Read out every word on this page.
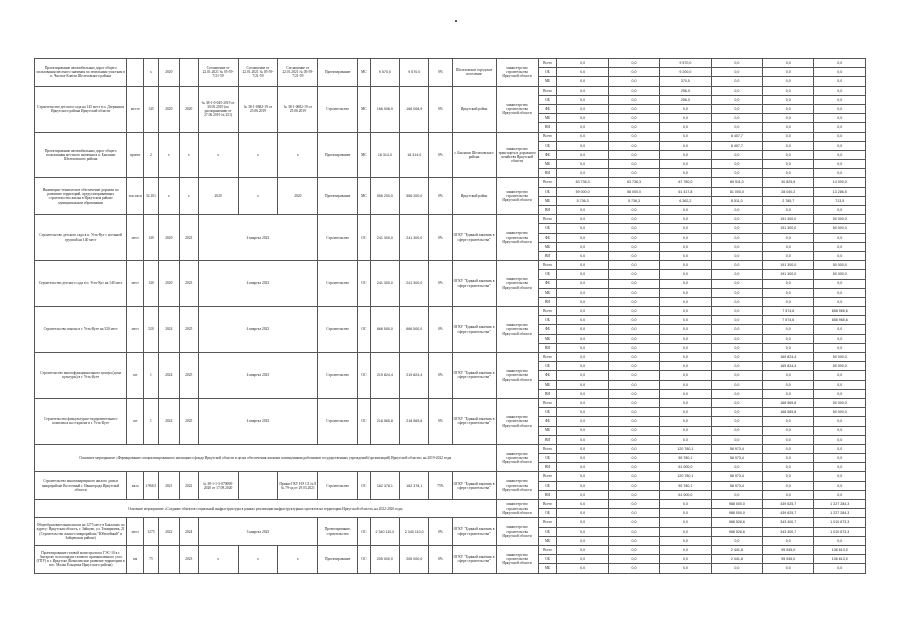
Проектирование автомобильных дорог общего пользования местного значения по земельным участкам в п. Чистые Ключи Шелеховского района		х	2020		Соглашение от 22.01.2021 № 05-59-7/21-59	Соглашение от 22.01.2021 № 05-59-7/21-59	Соглашение от 22.01.2021 № 05-59-7/21-59	Проектирование	МС	9 570,0	9 570,0	0%	Шелеховское городское поселение	министерство строительства Иркутской области	Всего	0,0	0,0	9 570,0	0,0	0,0	0,0
															ОБ	0,0	0,0	9 200,0	0,0	0,0	0,0
															МБ	0,0	0,0	370,0	0,0	0,0	0,0
Строительство детского сада на 145 мест в п. Дзержинск Иркутского района Иркутской области	место	145	2020	2020	№ 38-1-0-045-2019 от 30.05.2019 (по распоряжению от 27.06.2019 № 251)	№ 38-1-0682-19 от 25.06.2019	№ 38-1-0682-19 от 25.06.2019	Строительство	МС	166 008,9	166 008,9	0%	Иркутский район	министерство строительства Иркутской области	Всего	0,0	0,0	256,0	0,0	0,0	0,0
															ОБ	0,0	0,0	256,0	0,0	0,0	0,0
															ФБ	0,0	0,0	0,0	0,0	0,0	0,0
															МБ	0,0	0,0	0,0	0,0	0,0	0,0
															ВИ	0,0	0,0	0,0	0,0	0,0	0,0
Проектирование автомобильных дорог общего пользования местного значения в п. Баклаши Шелеховского района	проект	2	х	х	х	х	х	Проектирование	МС	18 314,0	18 314,0	0%	г. Баклаши Шелеховского района	министерство транспорта и дорожного хозяйства Иркутской области	Всего	0,0	0,0	0,0	8 407,7	0,0	0,0
															ОБ	0,0	0,0	0,0	8 407,7	0,0	0,0
															ФБ	0,0	0,0	0,0	0,0	0,0	0,0
															МБ	0,0	0,0	0,0	0,0	0,0	0,0
															ВИ	0,0	0,0	0,0	0,0	0,0	0,0
Инженерно-техническое обеспечение дорожек по развитию территорий, предусматривающих строительство жилья в Иркутском районе муниципальном образовании	тыс.кв.м	32,101	х	х	2020	х	2020	Проектирование	МС	556 200,0	556 200,0	0%	Иркутский район	министерство строительства Иркутской области	Всего	63 736,3	63 736,3	67 780,0	89 511,0	30 825,8	14 000,0
															ОБ	59 000,0	58 000,0	61 417,8	81 000,0	28 040,2	13 286,5
															МБ	5 736,3	5 736,3	6 362,2	8 511,0	2 785,7	713,5
															ВИ	0,0	0,0	0,0	0,0	0,0	0,0
Строительство детского сада в п. Усть-Кут с ясельной группой на 140 мест	мест	140	2020	2023	4 квартал 2023			Строительство	ОС	241 300,0	241 300,0	0%	ОГКУ "Единый заказчик в сфере строительства"	министерство строительства Иркутской области	Всего	0,0	0,0	0,0	0,0	191 300,0	50 000,0
															ОБ	0,0	0,0	0,0	0,0	191 300,0	50 000,0
															ФБ	0,0	0,0	0,0	0,0	0,0	0,0
															МБ	0,0	0,0	0,0	0,0	0,0	0,0
															ВИ	0,0	0,0	0,0	0,0	0,0	0,0
Строительство детского сада в п. Усть-Кут на 140 мест	мест	140	2020	2023	4 квартал 2023			Строительство	ОС	241 300,0	241 300,0	0%	ОГКУ "Единый заказчик в сфере строительства"	министерство строительства Иркутской области	Всего	0,0	0,0	0,0	0,0	191 300,0	50 000,0
															ОБ	0,0	0,0	0,0	0,0	191 300,0	50 000,0
															ФБ	0,0	0,0	0,0	0,0	0,0	0,0
															МБ	0,0	0,0	0,0	0,0	0,0	0,0
															ВИ	0,0	0,0	0,0	0,0	0,0	0,0
Строительство школы в г. Усть-Куте на 520 мест	мест	520	2024	2025	4 квартал 2023			Строительство	ОС	666 500,0	666 500,0	0%	ОГКУ "Единый заказчик в сфере строительства"	министерство строительства Иркутской области	Всего	0,0	0,0	0,0	0,0	7 574,6	658 965,6
															ОБ	0,0	0,0	0,0	0,0	7 574,6	658 965,6
															ФБ	0,0	0,0	0,0	0,0	0,0	0,0
															МБ	0,0	0,0	0,0	0,0	0,0	0,0
															ВИ	0,0	0,0	0,0	0,0	0,0	0,0
Строительство многофункционального центра (дома культуры) в г. Усть-Куте	шт	1	2024	2025	4 квартал 2023			Строительство	ОС	219 824,4	219 824,4	0%	ОГКУ "Единый заказчик в сфере строительства"	министерство строительства Иркутской области	Всего	0,0	0,0	0,0	0,0	169 824,4	50 000,0
															ОБ	0,0	0,0	0,0	0,0	169 824,4	50 000,0
															ФБ	0,0	0,0	0,0	0,0	0,0	0,0
															МБ	0,0	0,0	0,0	0,0	0,0	0,0
															ВИ	0,0	0,0	0,0	0,0	0,0	0,0
Строительство физкультурно-оздоровительного комплекса на стадионе в г. Усть-Куте	шт	1	2024	2025	4 квартал 2023			Строительство	ОС	218 565,8	218 565,8	0%	ОГКУ "Единый заказчик в сфере строительства"	министерство строительства Иркутской области	Всего	0,0	0,0	0,0	0,0	168 565,8	50 000,0
															ОБ	0,0	0,0	0,0	0,0	168 565,8	50 000,0
															ФБ	0,0	0,0	0,0	0,0	0,0	0,0
															МБ	0,0	0,0	0,0	0,0	0,0	0,0
															ВИ	0,0	0,0	0,0	0,0	0,0	0,0
Основное мероприятие «Формирование специализированного жилищного фонда Иркутской области в целях обеспечения жилыми помещениями работников государственных учреждений (организаций) Иркутской области» на 2019-2022 годы														министерство строительства Иркутской области	Всего	0,0	0,0	120 780,1	58 973,4	0,0	0,0
															ОБ	0,0	0,0	59 780,1	58 973,4	0,0	0,0
															ВИ	0,0	0,0	61 000,0	0,0	0,0	0,0
Строительство многоквартирного жилого дома в микрорайоне Восточный г. Ивангорода Иркутской области	кв.м	2 966,5	2021	2022	№ 38-1-1-3-070008-2020 от 17.09.2020		Приказ ГКУ НЭ СЗ № 8 № 79-од от 29.03.2021	Строительство	ОС	162 378,1	162 378,1	75%	ОГКУ "Единый заказчик в сфере строительства"	министерство строительства Иркутской области	Всего	0,0	0,0	120 780,1	58 973,4	0,0	0,0
															ОБ	0,0	0,0	59 780,1	58 973,4	0,0	0,0
															ВИ	0,0	0,0	61 000,0	0,0	0,0	0,0
Основное мероприятие «Создание объектов социальной инфраструктуры в рамках реализации инфраструктурных проектов на территории Иркутской области» на 2022-2026 годы														министерство строительства Иркутской области	Всего	0,0	0,0	0,0	988 000,0	439 625,7	1 227 284,3
															ОБ	0,0	0,0	0,0	988 000,0	439 625,7	1 227 284,3
Общеобразовательная школа на 1275 мест в Баклашах по адресу: Иркутская область, г. Зайцево, ул. Тимирязева, 21 (Строительство жилого микрорайона "Юбилейный" в Зайцевском районе)	мест	1275	2022	2024	3 квартал 2023			Проектирование, строительство	ОС	2 340 110,0	2 340 110,0	0%	ОГКУ "Единый заказчик в сфере строительства"	министерство строительства Иркутской области	Всего	0,0	0,0	0,0	988 528,6	343 400,7	1 010 673,3
															ОБ	0,0	0,0	0,0	988 528,6	343 400,7	1 010 673,3
															МБ	0,0	0,0	0,0	0,0	0,0	0,0
Проектирование газовой магистрали по ГЭС-10 в г. Ангарске по площадке газового промышленного узла (ГПУ) в г. Иркутске (Комплексное развитие территории в пос. Малая Ельцовка Иркутского района)	км	75		2023	х	х	х	Проектирование	ОС	205 000,0	205 000,0	0%	ОГКУ "Единый заказчик в сфере строительства"	министерство строительства Иркутской области	Всего	0,0	0,0	0,0	2 441,8	95 945,0	106 613,0
															ОБ	0,0	0,0	0,0	2 441,8	95 945,0	106 613,0
															МБ	0,0	0,0	0,0	0,0	0,0	0,0
